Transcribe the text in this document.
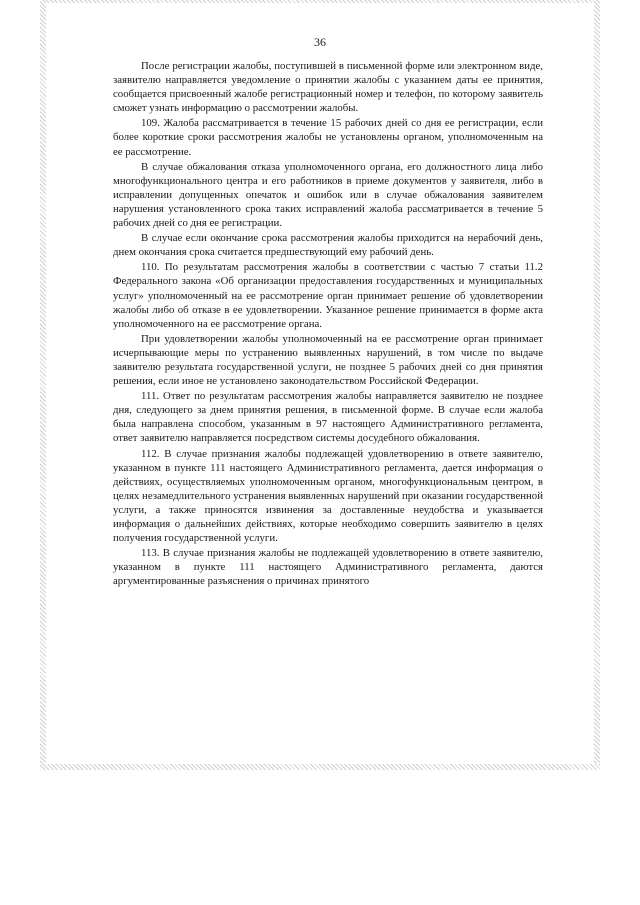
36

После регистрации жалобы, поступившей в письменной форме или электронном виде, заявителю направляется уведомление о принятии жалобы с указанием даты ее принятия, сообщается присвоенный жалобе регистрационный номер и телефон, по которому заявитель сможет узнать информацию о рассмотрении жалобы.

109. Жалоба рассматривается в течение 15 рабочих дней со дня ее регистрации, если более короткие сроки рассмотрения жалобы не установлены органом, уполномоченным на ее рассмотрение.

В случае обжалования отказа уполномоченного органа, его должностного лица либо многофункционального центра и его работников в приеме документов у заявителя, либо в исправлении допущенных опечаток и ошибок или в случае обжалования заявителем нарушения установленного срока таких исправлений жалоба рассматривается в течение 5 рабочих дней со дня ее регистрации.

В случае если окончание срока рассмотрения жалобы приходится на нерабочий день, днем окончания срока считается предшествующий ему рабочий день.

110. По результатам рассмотрения жалобы в соответствии с частью 7 статьи 11.2 Федерального закона «Об организации предоставления государственных и муниципальных услуг» уполномоченный на ее рассмотрение орган принимает решение об удовлетворении жалобы либо об отказе в ее удовлетворении. Указанное решение принимается в форме акта уполномоченного на ее рассмотрение органа.

При удовлетворении жалобы уполномоченный на ее рассмотрение орган принимает исчерпывающие меры по устранению выявленных нарушений, в том числе по выдаче заявителю результата государственной услуги, не позднее 5 рабочих дней со дня принятия решения, если иное не установлено законодательством Российской Федерации.

111. Ответ по результатам рассмотрения жалобы направляется заявителю не позднее дня, следующего за днем принятия решения, в письменной форме. В случае если жалоба была направлена способом, указанным в 97 настоящего Административного регламента, ответ заявителю направляется посредством системы досудебного обжалования.

112. В случае признания жалобы подлежащей удовлетворению в ответе заявителю, указанном в пункте 111 настоящего Административного регламента, дается информация о действиях, осуществляемых уполномоченным органом, многофункциональным центром, в целях незамедлительного устранения выявленных нарушений при оказании государственной услуги, а также приносятся извинения за доставленные неудобства и указывается информация о дальнейших действиях, которые необходимо совершить заявителю в целях получения государственной услуги.

113. В случае признания жалобы не подлежащей удовлетворению в ответе заявителю, указанном в пункте 111 настоящего Административного регламента, даются аргументированные разъяснения о причинах принятого
